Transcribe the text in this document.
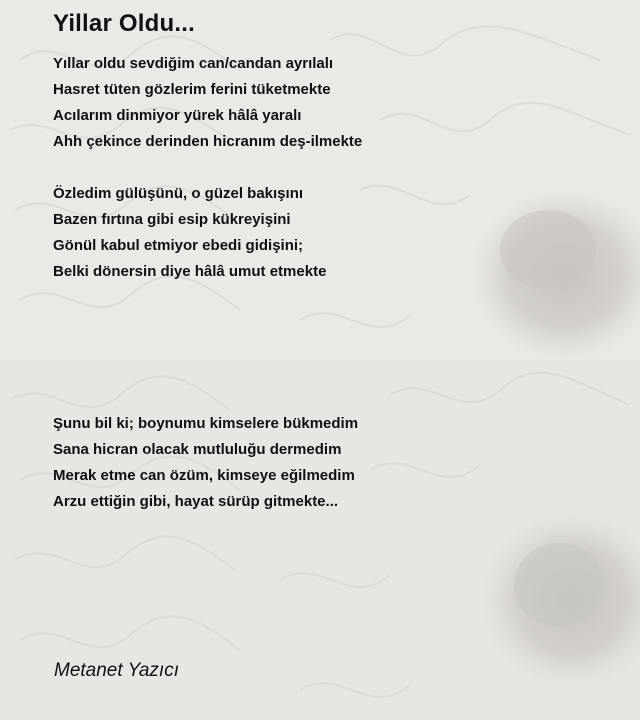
Yillar Oldu...
Yıllar oldu sevdiğim can/candan ayrılalı
Hasret tüten gözlerim ferini tüketmekte
Acılarım dinmiyor yürek hâlâ yaralı
Ahh çekince derinden hicranım deş-ilmekte
Özledim gülüşünü, o güzel bakışını
Bazen fırtına gibi esip kükreyişini
Gönül kabul etmiyor ebedi gidişini;
Belki dönersin diye hâlâ umut etmekte
Şunu bil ki; boynumu kimselere bükmedim
Sana hicran olacak mutluluğu dermedim
Merak etme can özüm, kimseye eğilmedim
Arzu ettiğin gibi, hayat sürüp gitmekte...

Metanet Yazıcı
